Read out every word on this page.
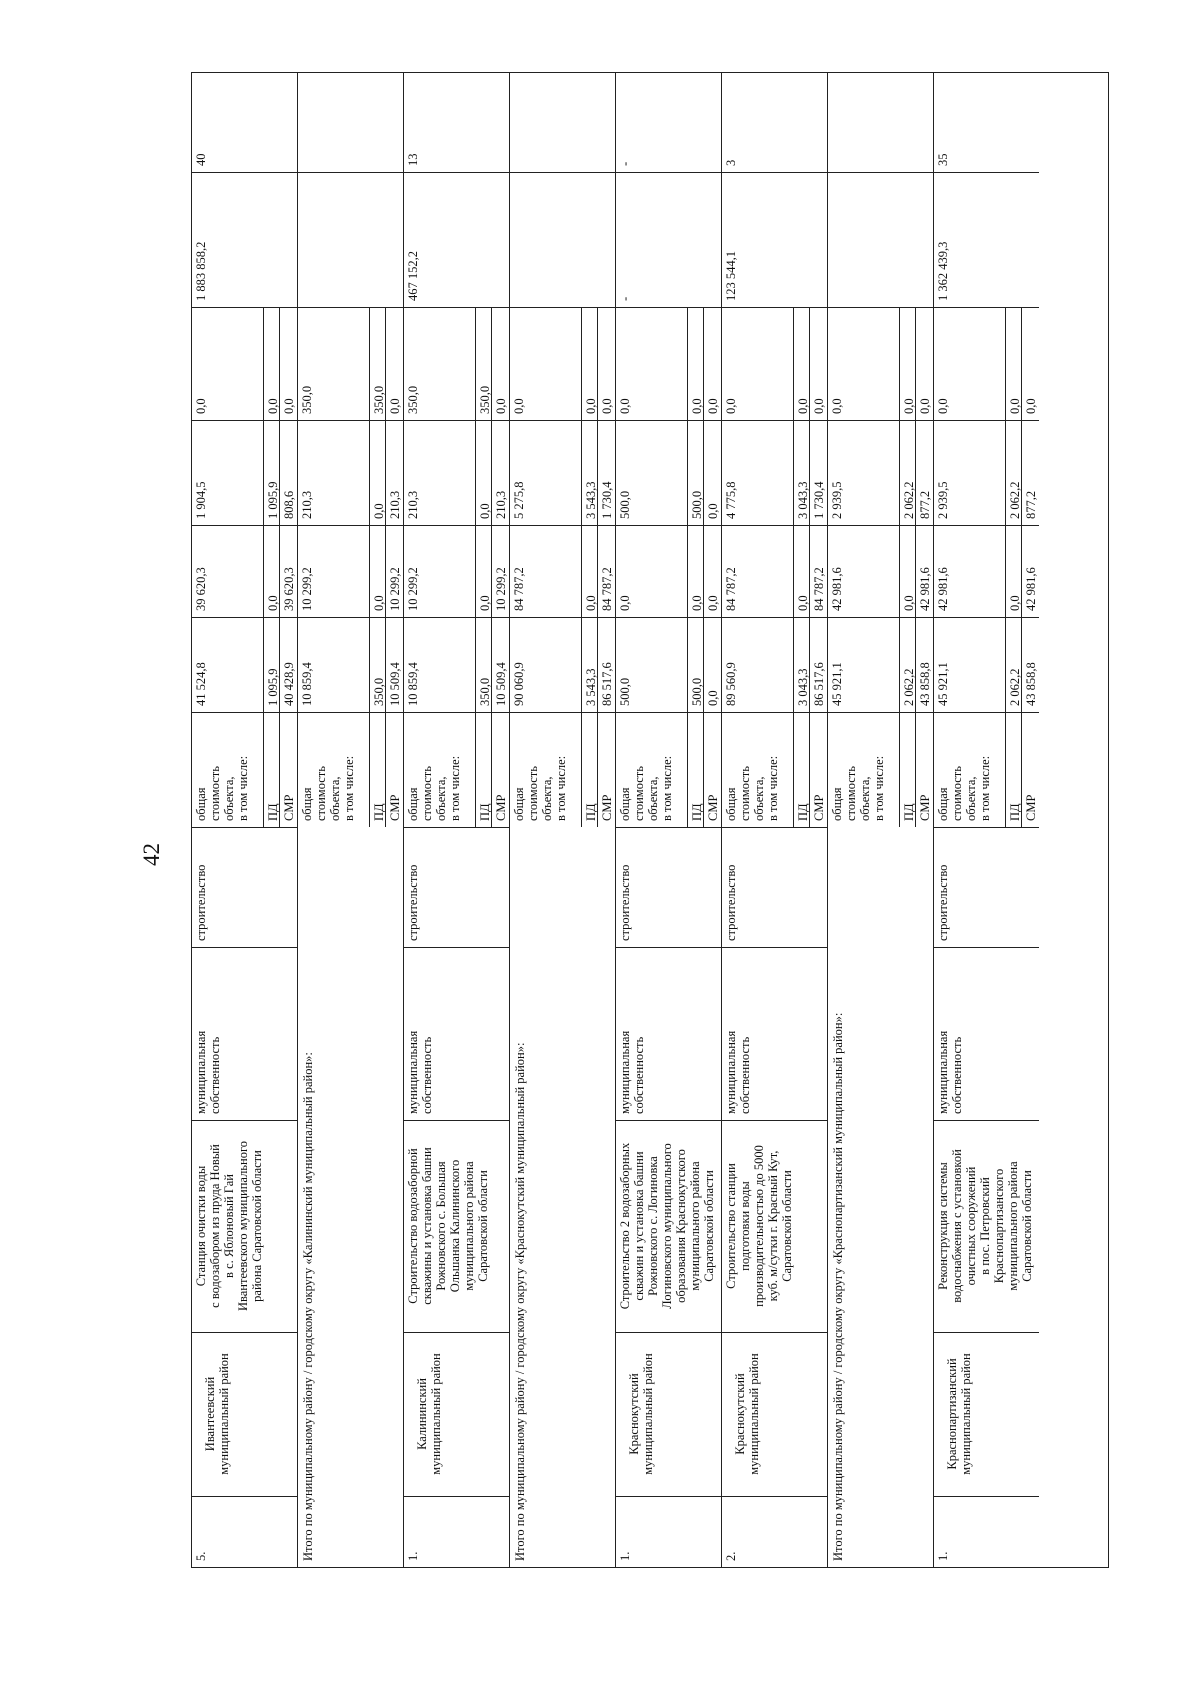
42
5.
Ивантеевский муниципальный район
Станция очистки воды с водозабором из пруда Новый в с. Яблоновый Гай Ивантеевского муниципального района Саратовской области
муниципальная собственность
строительство
общая стоимость объекта, в том числе:
41 524,8
39 620,3
1 904,5
0,0
ПД
1 095,9
0,0
1 095,9
0,0
СМР
40 428,9
39 620,3
808,6
0,0
1 883 858,2
40
Итого по муниципальному району / городскому округу «Калининский муниципальный район»:
общая стоимость объекта, в том числе:
10 859,4
10 299,2
210,3
350,0
ПД
350,0
0,0
0,0
350,0
СМР
10 509,4
10 299,2
210,3
0,0
1.
Калининский муниципальный район
Строительство водозаборной скважины и установка башни Рожновского с. Большая Ольшанка Калининского муниципального района Саратовской области
муниципальная собственность
строительство
общая стоимость объекта, в том числе:
10 859,4
10 299,2
210,3
350,0
ПД
350,0
0,0
0,0
350,0
СМР
10 509,4
10 299,2
210,3
0,0
467 152,2
13
Итого по муниципальному району / городскому округу «Краснокутский муниципальный район»:
общая стоимость объекта, в том числе:
90 060,9
84 787,2
5 275,8
0,0
ПД
3 543,3
0,0
3 543,3
0,0
СМР
86 517,6
84 787,2
1 730,4
0,0
1.
Краснокутский муниципальный район
Строительство 2 водозаборных скважин и установка башни Рожновского с. Логиновка Логиновского муниципального образования Краснокутского муниципального района Саратовской области
муниципальная собственность
строительство
общая стоимость объекта, в том числе:
500,0
0,0
500,0
0,0
ПД
500,0
0,0
500,0
0,0
СМР
0,0
0,0
0,0
0,0
-
-
2.
Краснокутский муниципальный район
Строительство станции подготовки воды производительностью до 5000 куб. м/сутки г. Красный Кут, Саратовской области
муниципальная собственность
строительство
общая стоимость объекта, в том числе:
89 560,9
84 787,2
4 775,8
0,0
ПД
3 043,3
0,0
3 043,3
0,0
СМР
86 517,6
84 787,2
1 730,4
0,0
123 544,1
3
Итого по муниципальному району / городскому округу «Краснопартизанский муниципальный район»:
общая стоимость объекта, в том числе:
45 921,1
42 981,6
2 939,5
0,0
ПД
2 062,2
0,0
2 062,2
0,0
СМР
43 858,8
42 981,6
877,2
0,0
1.
Краснопартизанский муниципальный район
Реконструкция системы водоснабжения с установкой очистных сооружений в пос. Петровский Краснопартизанского муниципального района Саратовской области
муниципальная собственность
строительство
общая стоимость объекта, в том числе:
45 921,1
42 981,6
2 939,5
0,0
ПД
2 062,2
0,0
2 062,2
0,0
СМР
43 858,8
42 981,6
877,2
0,0
1 362 439,3
35
